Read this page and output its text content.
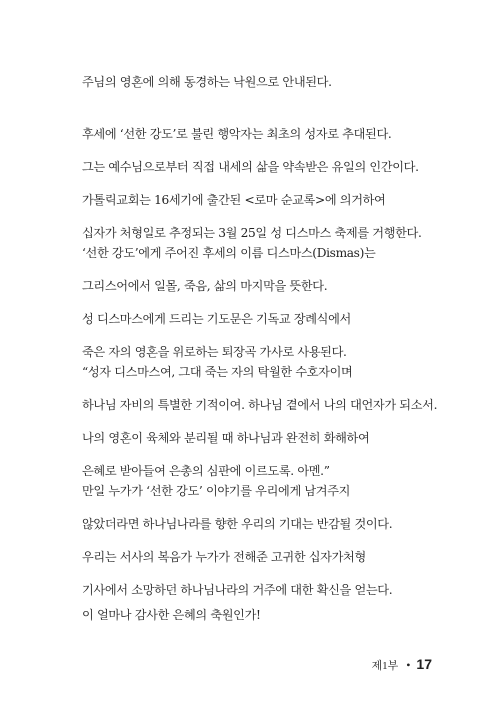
주님의 영혼에 의해 동경하는 낙원으로 안내된다.
후세에 ‘선한 강도’로 불린 행악자는 최초의 성자로 추대된다.
그는 예수님으로부터 직접 내세의 삶을 약속받은 유일의 인간이다.
가톨릭교회는 16세기에 출간된 <로마 순교록>에 의거하여
십자가 처형일로 추정되는 3월 25일 성 디스마스 축제를 거행한다.
‘선한 강도’에게 주어진 후세의 이름 디스마스(Dismas)는
그리스어에서 일몰, 죽음, 삶의 마지막을 뜻한다.
성 디스마스에게 드리는 기도문은 기독교 장례식에서
죽은 자의 영혼을 위로하는 퇴장곡 가사로 사용된다.
“성자 디스마스여, 그대 죽는 자의 탁월한 수호자이며
하나님 자비의 특별한 기적이여. 하나님 곁에서 나의 대언자가 되소서.
나의 영혼이 육체와 분리될 때 하나님과 완전히 화해하여
은혜로 받아들여 은총의 심판에 이르도록. 아멘.”
만일 누가가 ‘선한 강도’ 이야기를 우리에게 남겨주지
않았더라면 하나님나라를 향한 우리의 기대는 반감될 것이다.
우리는 서사의 복음가 누가가 전해준 고귀한 십자가처형
기사에서 소망하던 하나님나라의 거주에 대한 확신을 얻는다.
이 얼마나 감사한 은혜의 축원인가!
제1부 • 17
